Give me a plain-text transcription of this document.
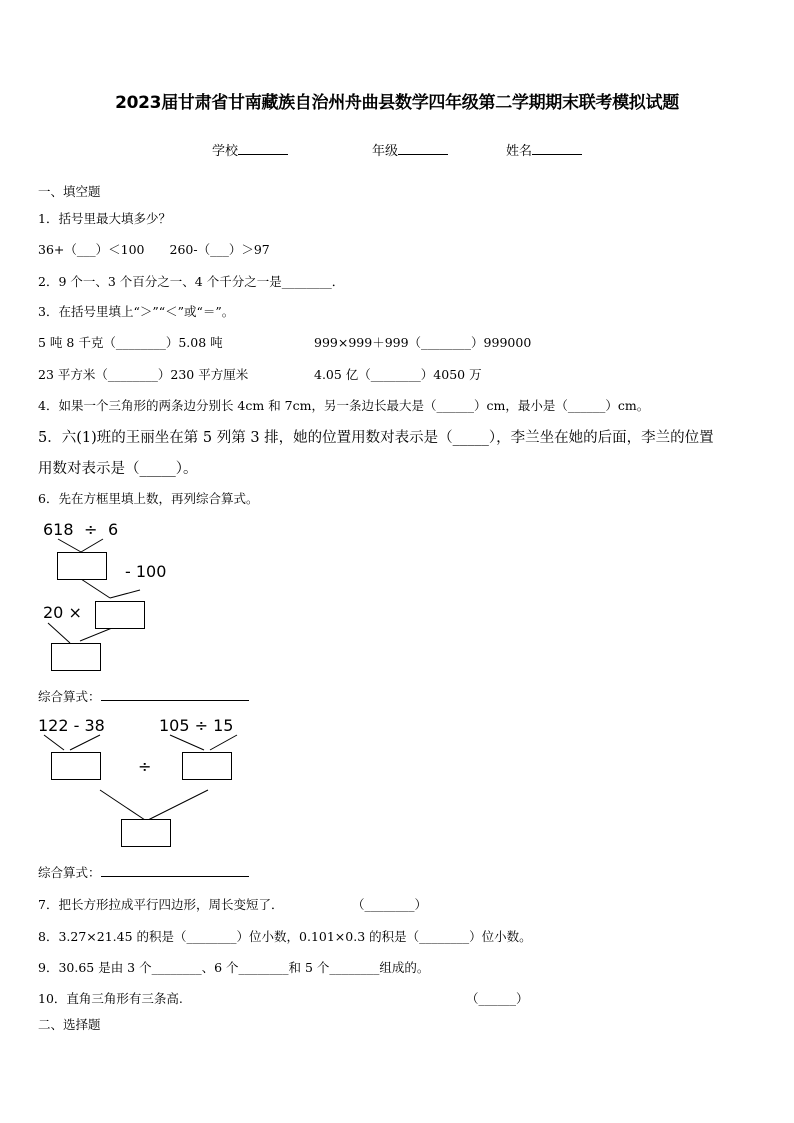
2023届甘肃省甘南藏族自治州舟曲县数学四年级第二学期期末联考模拟试题
学校	年级	姓名
一、填空题
1．括号里最大填多少？
36+（___）＜100　　260-（___）＞97
2．9 个一、3 个百分之一、4 个千分之一是________．
3．在括号里填上“＞”“＜”或“＝”。
5 吨 8 千克（________）5.08 吨	999×999＋999（________）999000
23 平方米（________）230 平方厘米	4.05 亿（________）4050 万
4．如果一个三角形的两条边分别长 4cm 和 7cm，另一条边长最大是（______）cm，最小是（______）cm。
5．六(1)班的王丽坐在第 5 列第 3 排，她的位置用数对表示是（_____），李兰坐在她的后面，李兰的位置
用数对表示是（_____）。
6．先在方框里填上数，再列综合算式。
618 ÷ 6
- 100
20 ×
综合算式：
122 - 38	105 ÷ 15
÷
综合算式：
7．把长方形拉成平行四边形，周长变短了．	（________）
8．3.27×21.45 的积是（________）位小数，0.101×0.3 的积是（________）位小数。
9．30.65 是由 3 个________、6 个________和 5 个________组成的。
10．直角三角形有三条高.	（______）
二、选择题
